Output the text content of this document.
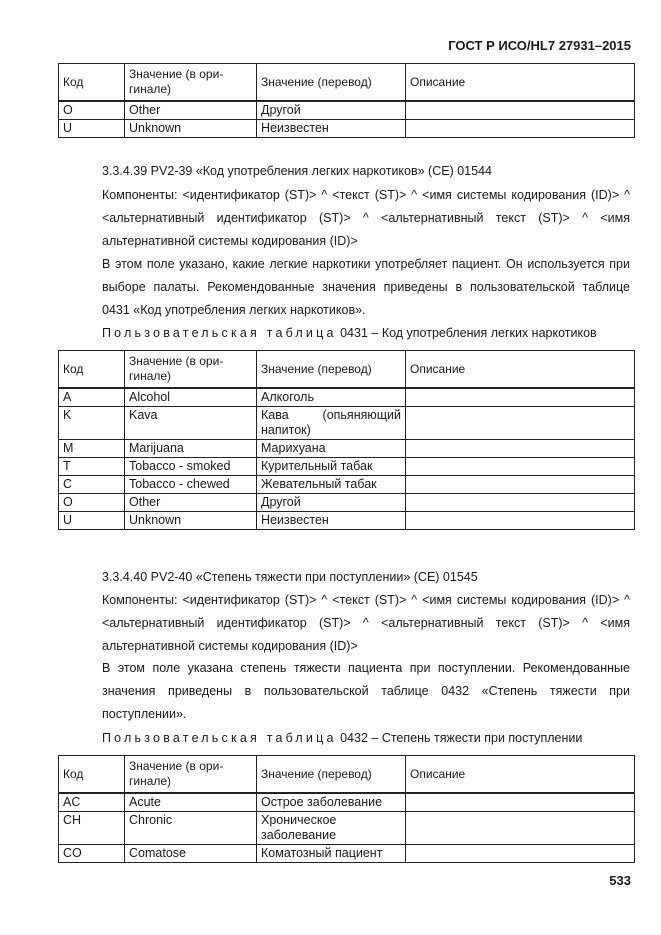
ГОСТ Р ИСО/HL7 27931–2015
Код	Значение (в оригинале)	Значение (перевод)	Описание
O	Other	Другой	
U	Unknown	Неизвестен	
3.3.4.39 PV2-39 «Код употребления легких наркотиков» (CE) 01544
Компоненты: <идентификатор (ST)> ^ <текст (ST)> ^ <имя системы кодирования (ID)> ^ <альтернативный идентификатор (ST)> ^ <альтернативный текст (ST)> ^ <имя альтернативной системы кодирования (ID)>
В этом поле указано, какие легкие наркотики употребляет пациент. Он используется при выборе палаты. Рекомендованные значения приведены в пользовательской таблице 0431 «Код употребления легких наркотиков».
Пользовательская таблица 0431 – Код употребления легких наркотиков
Код	Значение (в оригинале)	Значение (перевод)	Описание
A	Alcohol	Алкоголь	
K	Kava	Кава (опьяняющий напиток)	
M	Marijuana	Марихуана	
T	Tobacco - smoked	Курительный табак	
C	Tobacco - chewed	Жевательный табак	
O	Other	Другой	
U	Unknown	Неизвестен	
3.3.4.40 PV2-40 «Степень тяжести при поступлении» (CE) 01545
Компоненты: <идентификатор (ST)> ^ <текст (ST)> ^ <имя системы кодирования (ID)> ^ <альтернативный идентификатор (ST)> ^ <альтернативный текст (ST)> ^ <имя альтернативной системы кодирования (ID)>
В этом поле указана степень тяжести пациента при поступлении. Рекомендованные значения приведены в пользовательской таблице 0432 «Степень тяжести при поступлении».
Пользовательская таблица 0432 – Степень тяжести при поступлении
Код	Значение (в оригинале)	Значение (перевод)	Описание
AC	Acute	Острое заболевание	
CH	Chronic	Хроническое заболевание	
CO	Comatose	Коматозный пациент	
533
